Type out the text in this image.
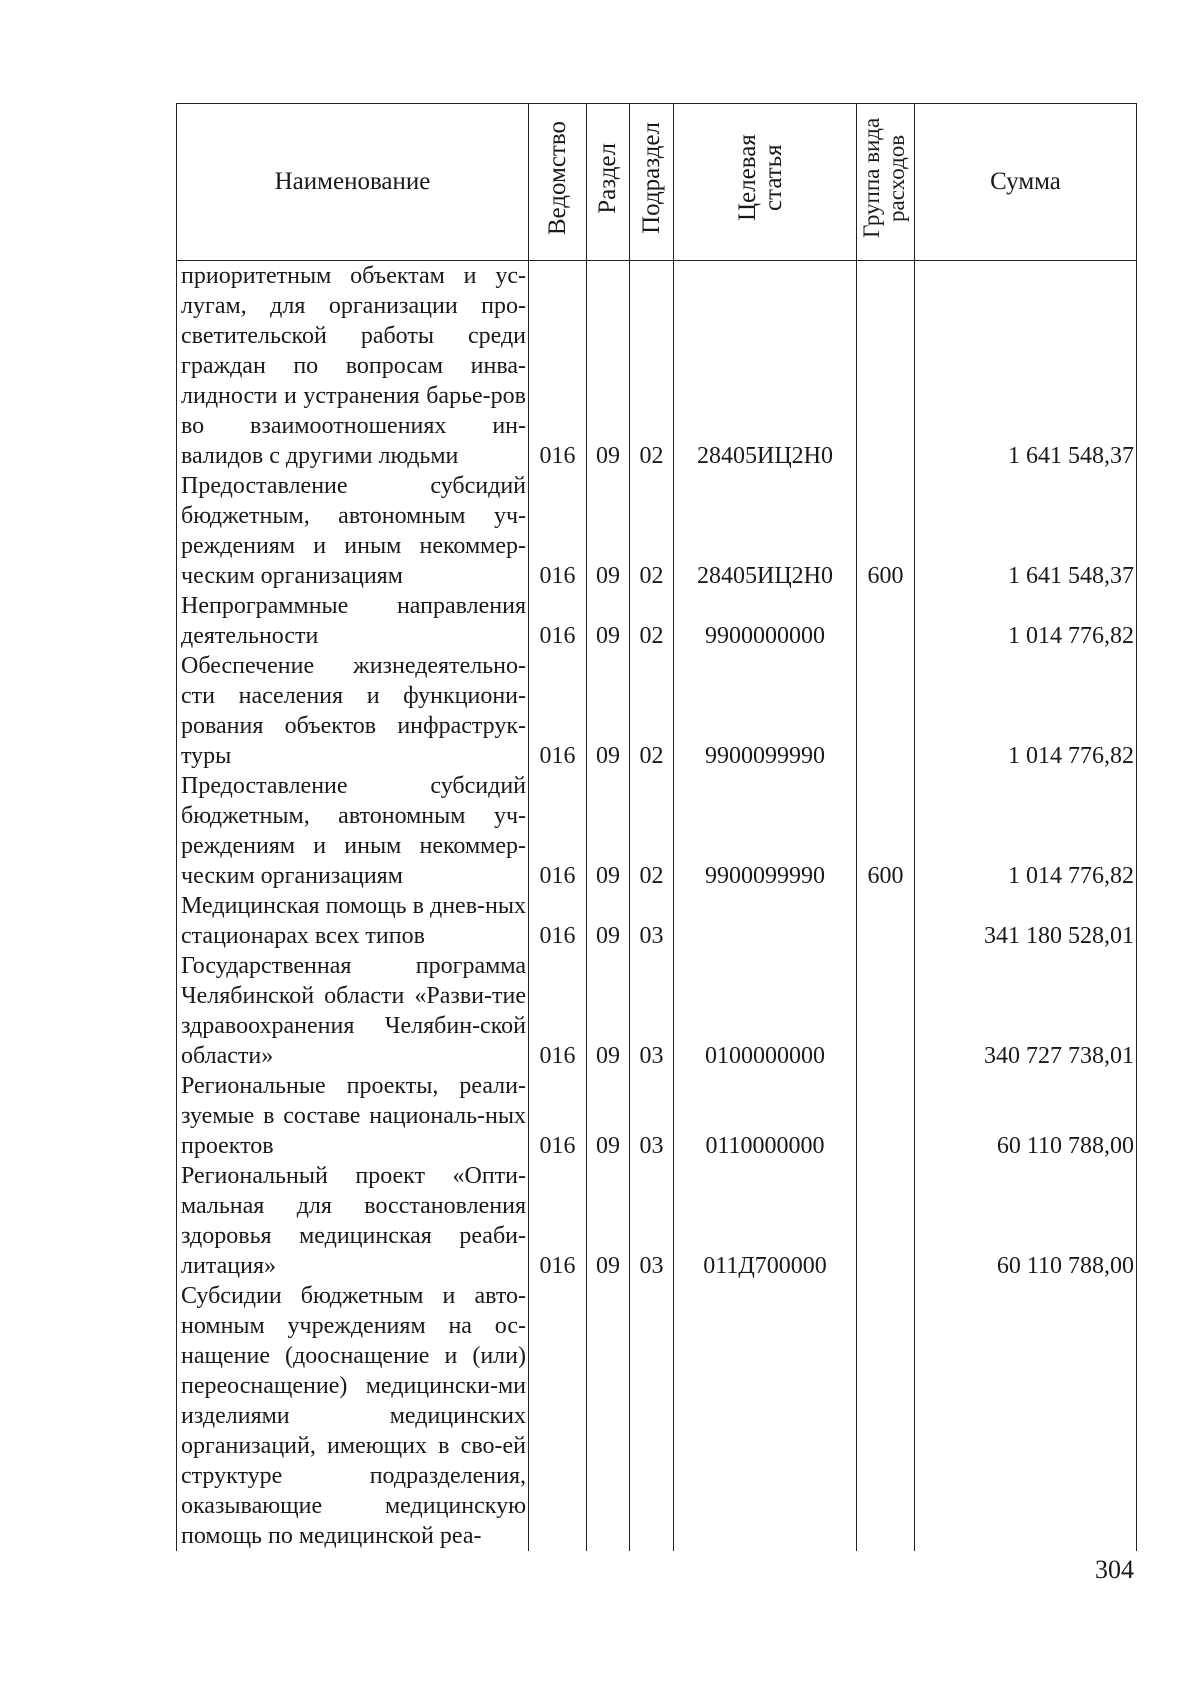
Наименование	Ведомство	Раздел	Подраздел	Целевая статья	Группа вида расходов	Сумма
приоритетным объектам и ус-лугам, для организации про-светительской работы среди граждан по вопросам инва-лидности и устранения барье-ров во взаимоотношениях ин-валидов с другими людьми	016	09	02	28405ИЦ2Н0		1 641 548,37
Предоставление субсидий бюджетным, автономным уч-реждениям и иным некоммер-ческим организациям	016	09	02	28405ИЦ2Н0	600	1 641 548,37
Непрограммные направления деятельности	016	09	02	9900000000		1 014 776,82
Обеспечение жизнедеятельно-сти населения и функциони-рования объектов инфраструк-туры	016	09	02	9900099990		1 014 776,82
Предоставление субсидий бюджетным, автономным уч-реждениям и иным некоммер-ческим организациям	016	09	02	9900099990	600	1 014 776,82
Медицинская помощь в днев-ных стационарах всех типов	016	09	03			341 180 528,01
Государственная программа Челябинской области «Разви-тие здравоохранения Челябин-ской области»	016	09	03	0100000000		340 727 738,01
Региональные проекты, реали-зуемые в составе националь-ных проектов	016	09	03	0110000000		60 110 788,00
Региональный проект «Опти-мальная для восстановления здоровья медицинская реаби-литация»	016	09	03	011Д700000		60 110 788,00
Субсидии бюджетным и авто-номным учреждениям на ос-нащение (дооснащение и (или) переоснащение) медицински-ми изделиями медицинских организаций, имеющих в сво-ей структуре подразделения, оказывающие медицинскую помощь по медицинской реа-						
304
